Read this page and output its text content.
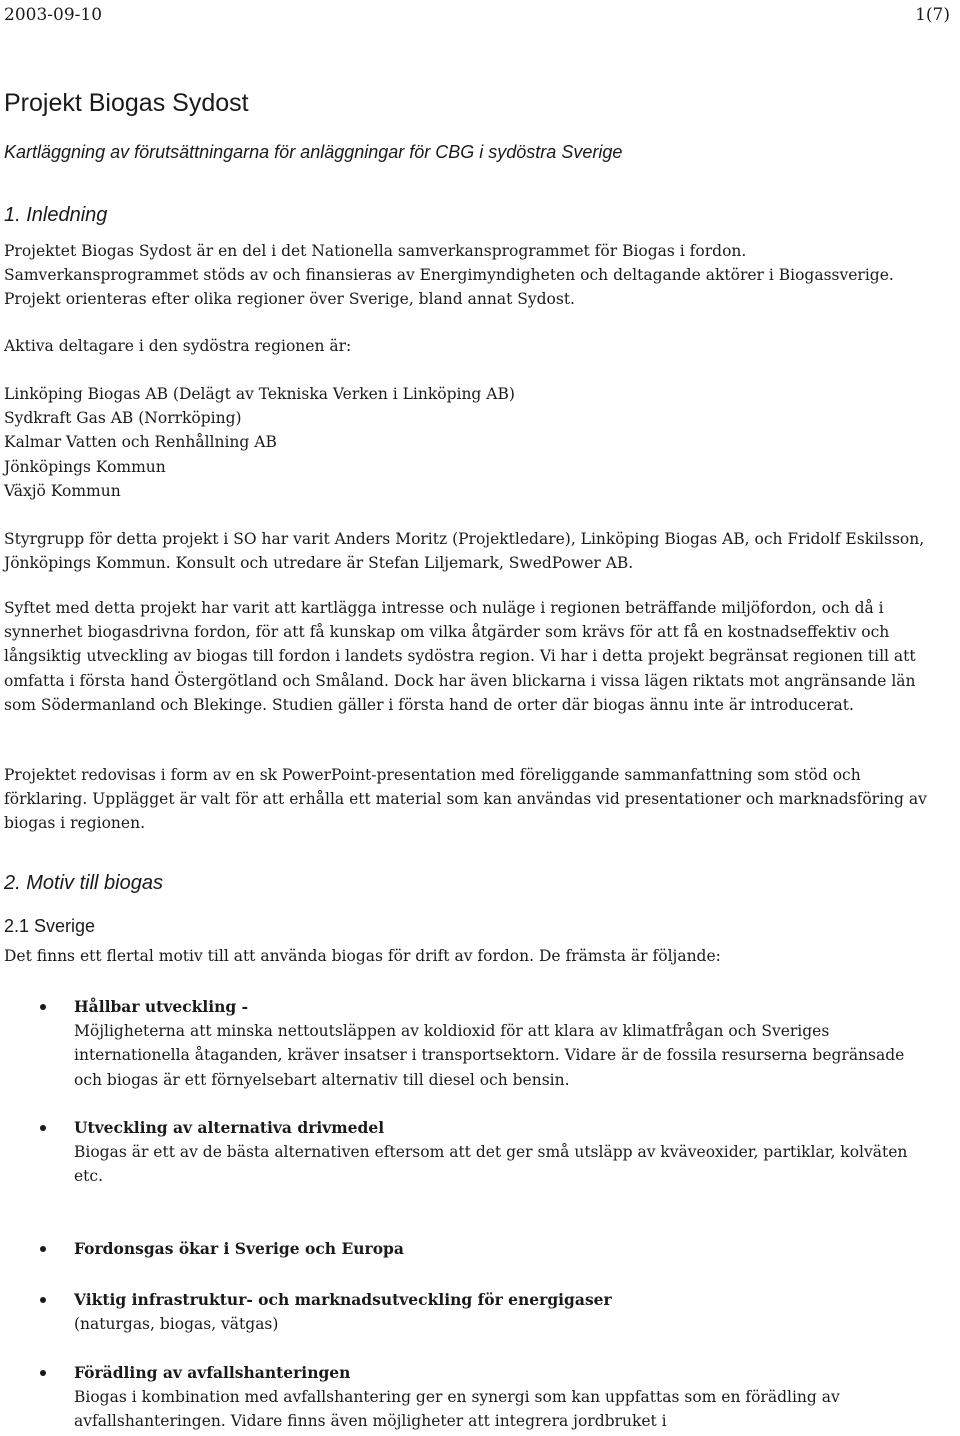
2003-09-10	1(7)
Projekt Biogas Sydost
Kartläggning av förutsättningarna för anläggningar för CBG i sydöstra Sverige
1. Inledning

Projektet Biogas Sydost är en del i det Nationella samverkansprogrammet för Biogas i fordon. Samverkansprogrammet stöds av och finansieras av Energimyndigheten och deltagande aktörer i Biogassverige. Projekt orienteras efter olika regioner över Sverige, bland annat Sydost.

Aktiva deltagare i den sydöstra regionen är:

Linköping Biogas AB (Delägt av Tekniska Verken i Linköping AB)
Sydkraft Gas AB (Norrköping)
Kalmar Vatten och Renhållning AB
Jönköpings Kommun
Växjö Kommun

Styrgrupp för detta projekt i SO har varit Anders Moritz (Projektledare), Linköping Biogas AB, och Fridolf Eskilsson, Jönköpings Kommun. Konsult och utredare är Stefan Liljemark, SwedPower AB.

Syftet med detta projekt har varit att kartlägga intresse och nuläge i regionen beträffande miljöfordon, och då i synnerhet biogasdrivna fordon, för att få kunskap om vilka åtgärder som krävs för att få en kostnadseffektiv och långsiktig utveckling av biogas till fordon i landets sydöstra region. Vi har i detta projekt begränsat regionen till att omfatta i första hand Östergötland och Småland. Dock har även blickarna i vissa lägen riktats mot angränsande län som Södermanland och Blekinge. Studien gäller i första hand de orter där biogas ännu inte är introducerat.

Projektet redovisas i form av en sk PowerPoint-presentation med föreliggande sammanfattning som stöd och förklaring. Upplägget är valt för att erhålla ett material som kan användas vid presentationer och marknadsföring av biogas i regionen.

2. Motiv till biogas
2.1 Sverige

Det finns ett flertal motiv till att använda biogas för drift av fordon. De främsta är följande:

Hållbar utveckling -
Möjligheterna att minska nettoutsläppen av koldioxid för att klara av klimatfrågan och Sveriges internationella åtaganden, kräver insatser i transportsektorn. Vidare är de fossila resurserna begränsade och biogas är ett förnyelsebart alternativ till diesel och bensin.
Utveckling av alternativa drivmedel
Biogas är ett av de bästa alternativen eftersom att det ger små utsläpp av kväveoxider, partiklar, kolväten etc.
Fordonsgas ökar i Sverige och Europa
Viktig infrastruktur- och marknadsutveckling för energigaser
(naturgas, biogas, vätgas)
Förädling av avfallshanteringen
Biogas i kombination med avfallshantering ger en synergi som kan uppfattas som en förädling av avfallshanteringen. Vidare finns även möjligheter att integrera jordbruket i
